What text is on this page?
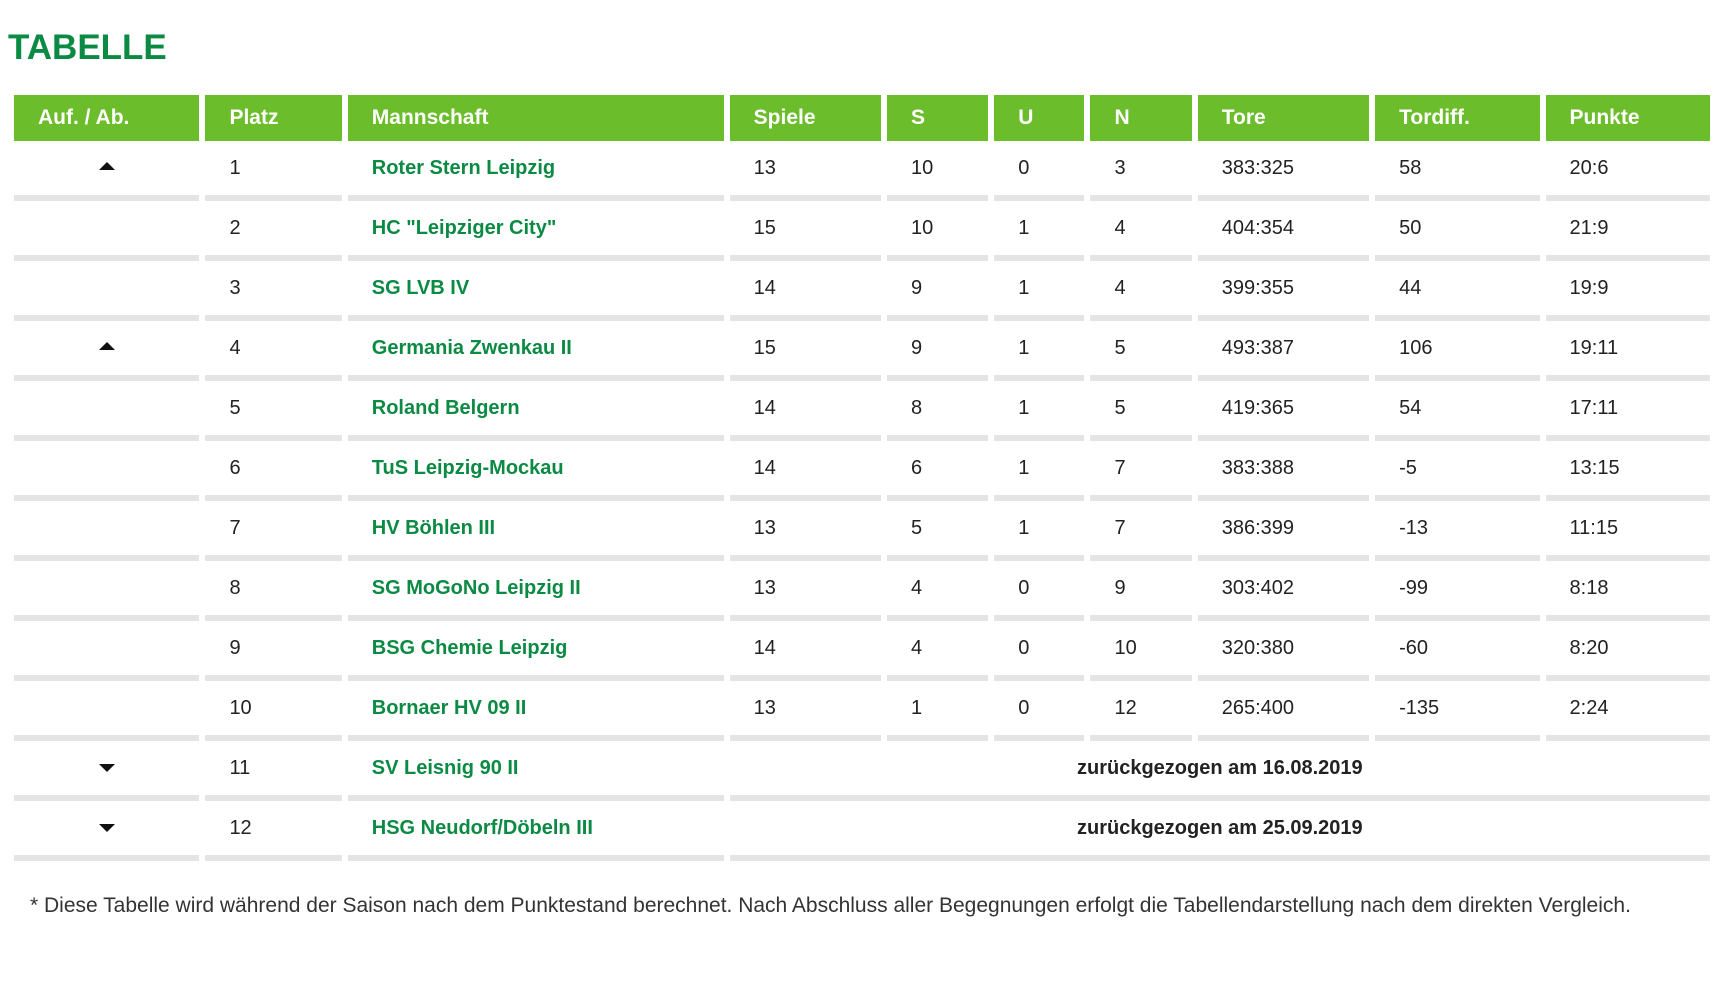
TABELLE
Auf. / Ab.	Platz	Mannschaft	Spiele	S	U	N	Tore	Tordiff.	Punkte
	1	Roter Stern Leipzig	13	10	0	3	383:325	58	20:6
	2	HC "Leipziger City"	15	10	1	4	404:354	50	21:9
	3	SG LVB IV	14	9	1	4	399:355	44	19:9
	4	Germania Zwenkau II	15	9	1	5	493:387	106	19:11
	5	Roland Belgern	14	8	1	5	419:365	54	17:11
	6	TuS Leipzig-Mockau	14	6	1	7	383:388	-5	13:15
	7	HV Böhlen III	13	5	1	7	386:399	-13	11:15
	8	SG MoGoNo Leipzig II	13	4	0	9	303:402	-99	8:18
	9	BSG Chemie Leipzig	14	4	0	10	320:380	-60	8:20
	10	Bornaer HV 09 II	13	1	0	12	265:400	-135	2:24
	11	SV Leisnig 90 II	zurückgezogen am 16.08.2019						
	12	HSG Neudorf/Döbeln III	zurückgezogen am 25.09.2019						

* Diese Tabelle wird während der Saison nach dem Punktestand berechnet. Nach Abschluss aller Begegnungen erfolgt die Tabellendarstellung nach dem direkten Vergleich.
